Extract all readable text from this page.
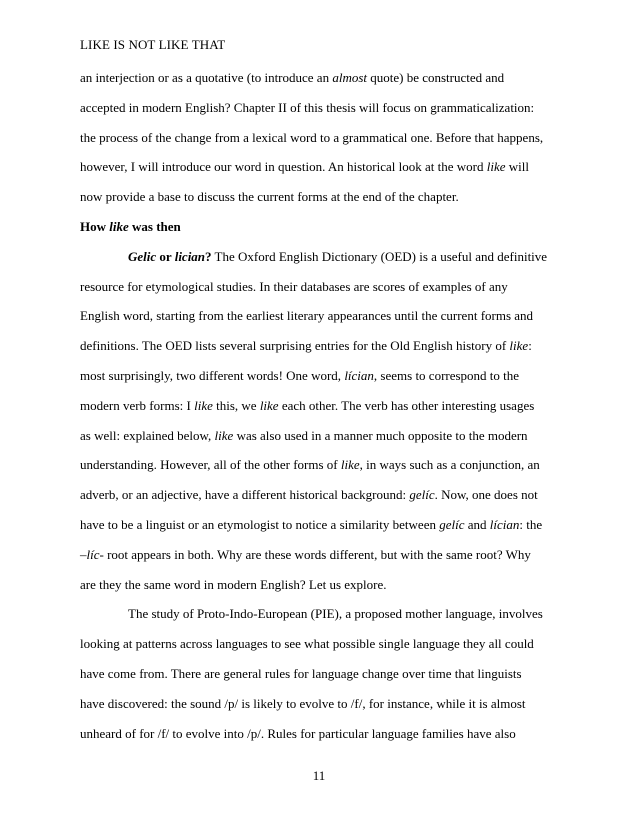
LIKE IS NOT LIKE THAT
an interjection or as a quotative (to introduce an almost quote) be constructed and
accepted in modern English? Chapter II of this thesis will focus on grammaticalization:
the process of the change from a lexical word to a grammatical one. Before that happens,
however, I will introduce our word in question. An historical look at the word like will
now provide a base to discuss the current forms at the end of the chapter.
How like was then
Gelic or lician? The Oxford English Dictionary (OED) is a useful and definitive
resource for etymological studies. In their databases are scores of examples of any
English word, starting from the earliest literary appearances until the current forms and
definitions. The OED lists several surprising entries for the Old English history of like:
most surprisingly, two different words! One word, lícian, seems to correspond to the
modern verb forms: I like this, we like each other. The verb has other interesting usages
as well: explained below, like was also used in a manner much opposite to the modern
understanding. However, all of the other forms of like, in ways such as a conjunction, an
adverb, or an adjective, have a different historical background: gelíc. Now, one does not
have to be a linguist or an etymologist to notice a similarity between gelíc and lícian: the
–líc- root appears in both. Why are these words different, but with the same root? Why
are they the same word in modern English? Let us explore.
The study of Proto-Indo-European (PIE), a proposed mother language, involves
looking at patterns across languages to see what possible single language they all could
have come from. There are general rules for language change over time that linguists
have discovered: the sound /p/ is likely to evolve to /f/, for instance, while it is almost
unheard of for /f/ to evolve into /p/. Rules for particular language families have also
11
